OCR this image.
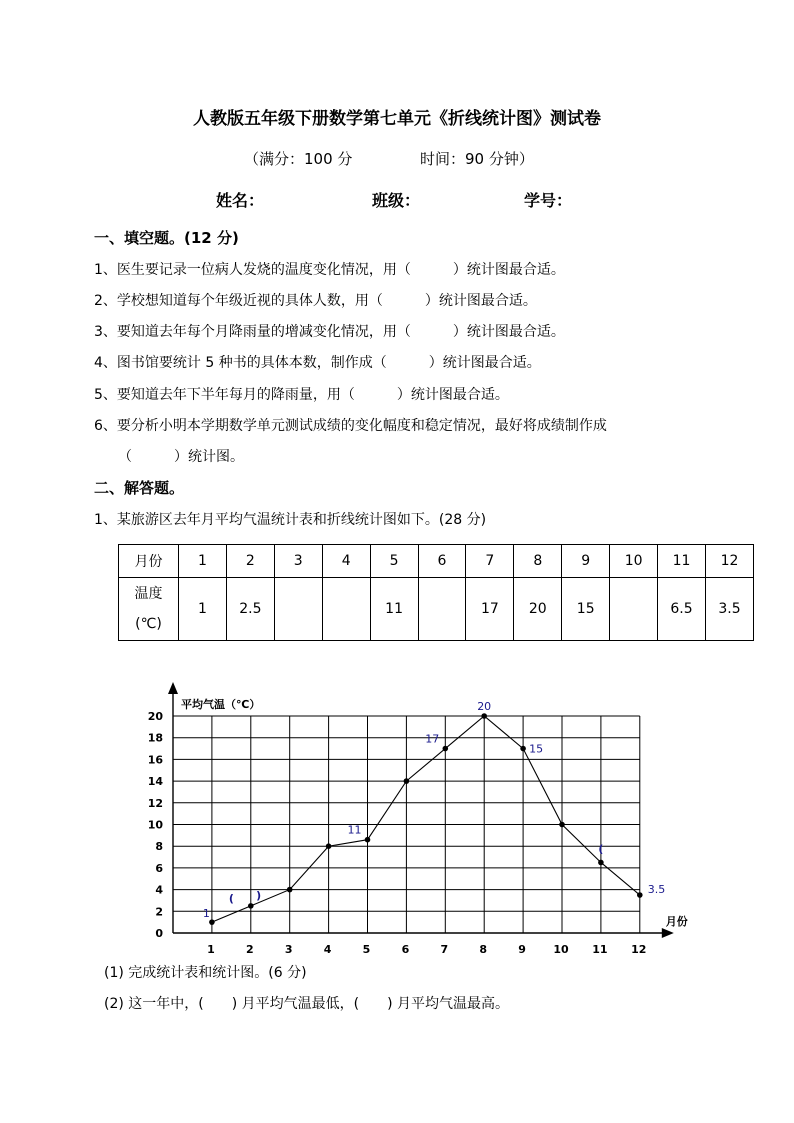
人教版五年级下册数学第七单元《折线统计图》测试卷
（满分：100 分	时间：90 分钟）
姓名：	班级：	学号：
一、填空题。(12 分)
1、医生要记录一位病人发烧的温度变化情况，用（　　　）统计图最合适。
2、学校想知道每个年级近视的具体人数，用（　　　）统计图最合适。
3、要知道去年每个月降雨量的增减变化情况，用（　　　）统计图最合适。
4、图书馆要统计 5 种书的具体本数，制作成（　　　）统计图最合适。
5、要知道去年下半年每月的降雨量，用（　　　）统计图最合适。
6、要分析小明本学期数学单元测试成绩的变化幅度和稳定情况，最好将成绩制作成
（　　　）统计图。
二、解答题。
1、某旅游区去年月平均气温统计表和折线统计图如下。(28 分)
月份	1	2	3	4	5	6	7	8	9	10	11	12
温度
(℃)	1	2.5			11		17	20	15		6.5	3.5
0
2
4
6
8
10
12
14
16
18
20
1	2	3	4	5	6	7	8	9 10 11 12
平均气温（℃）
月份
1
11
17
20
15
3.5
( )
(
(1) 完成统计表和统计图。(6 分)
(2) 这一年中，(　　) 月平均气温最低，(　　) 月平均气温最高。
